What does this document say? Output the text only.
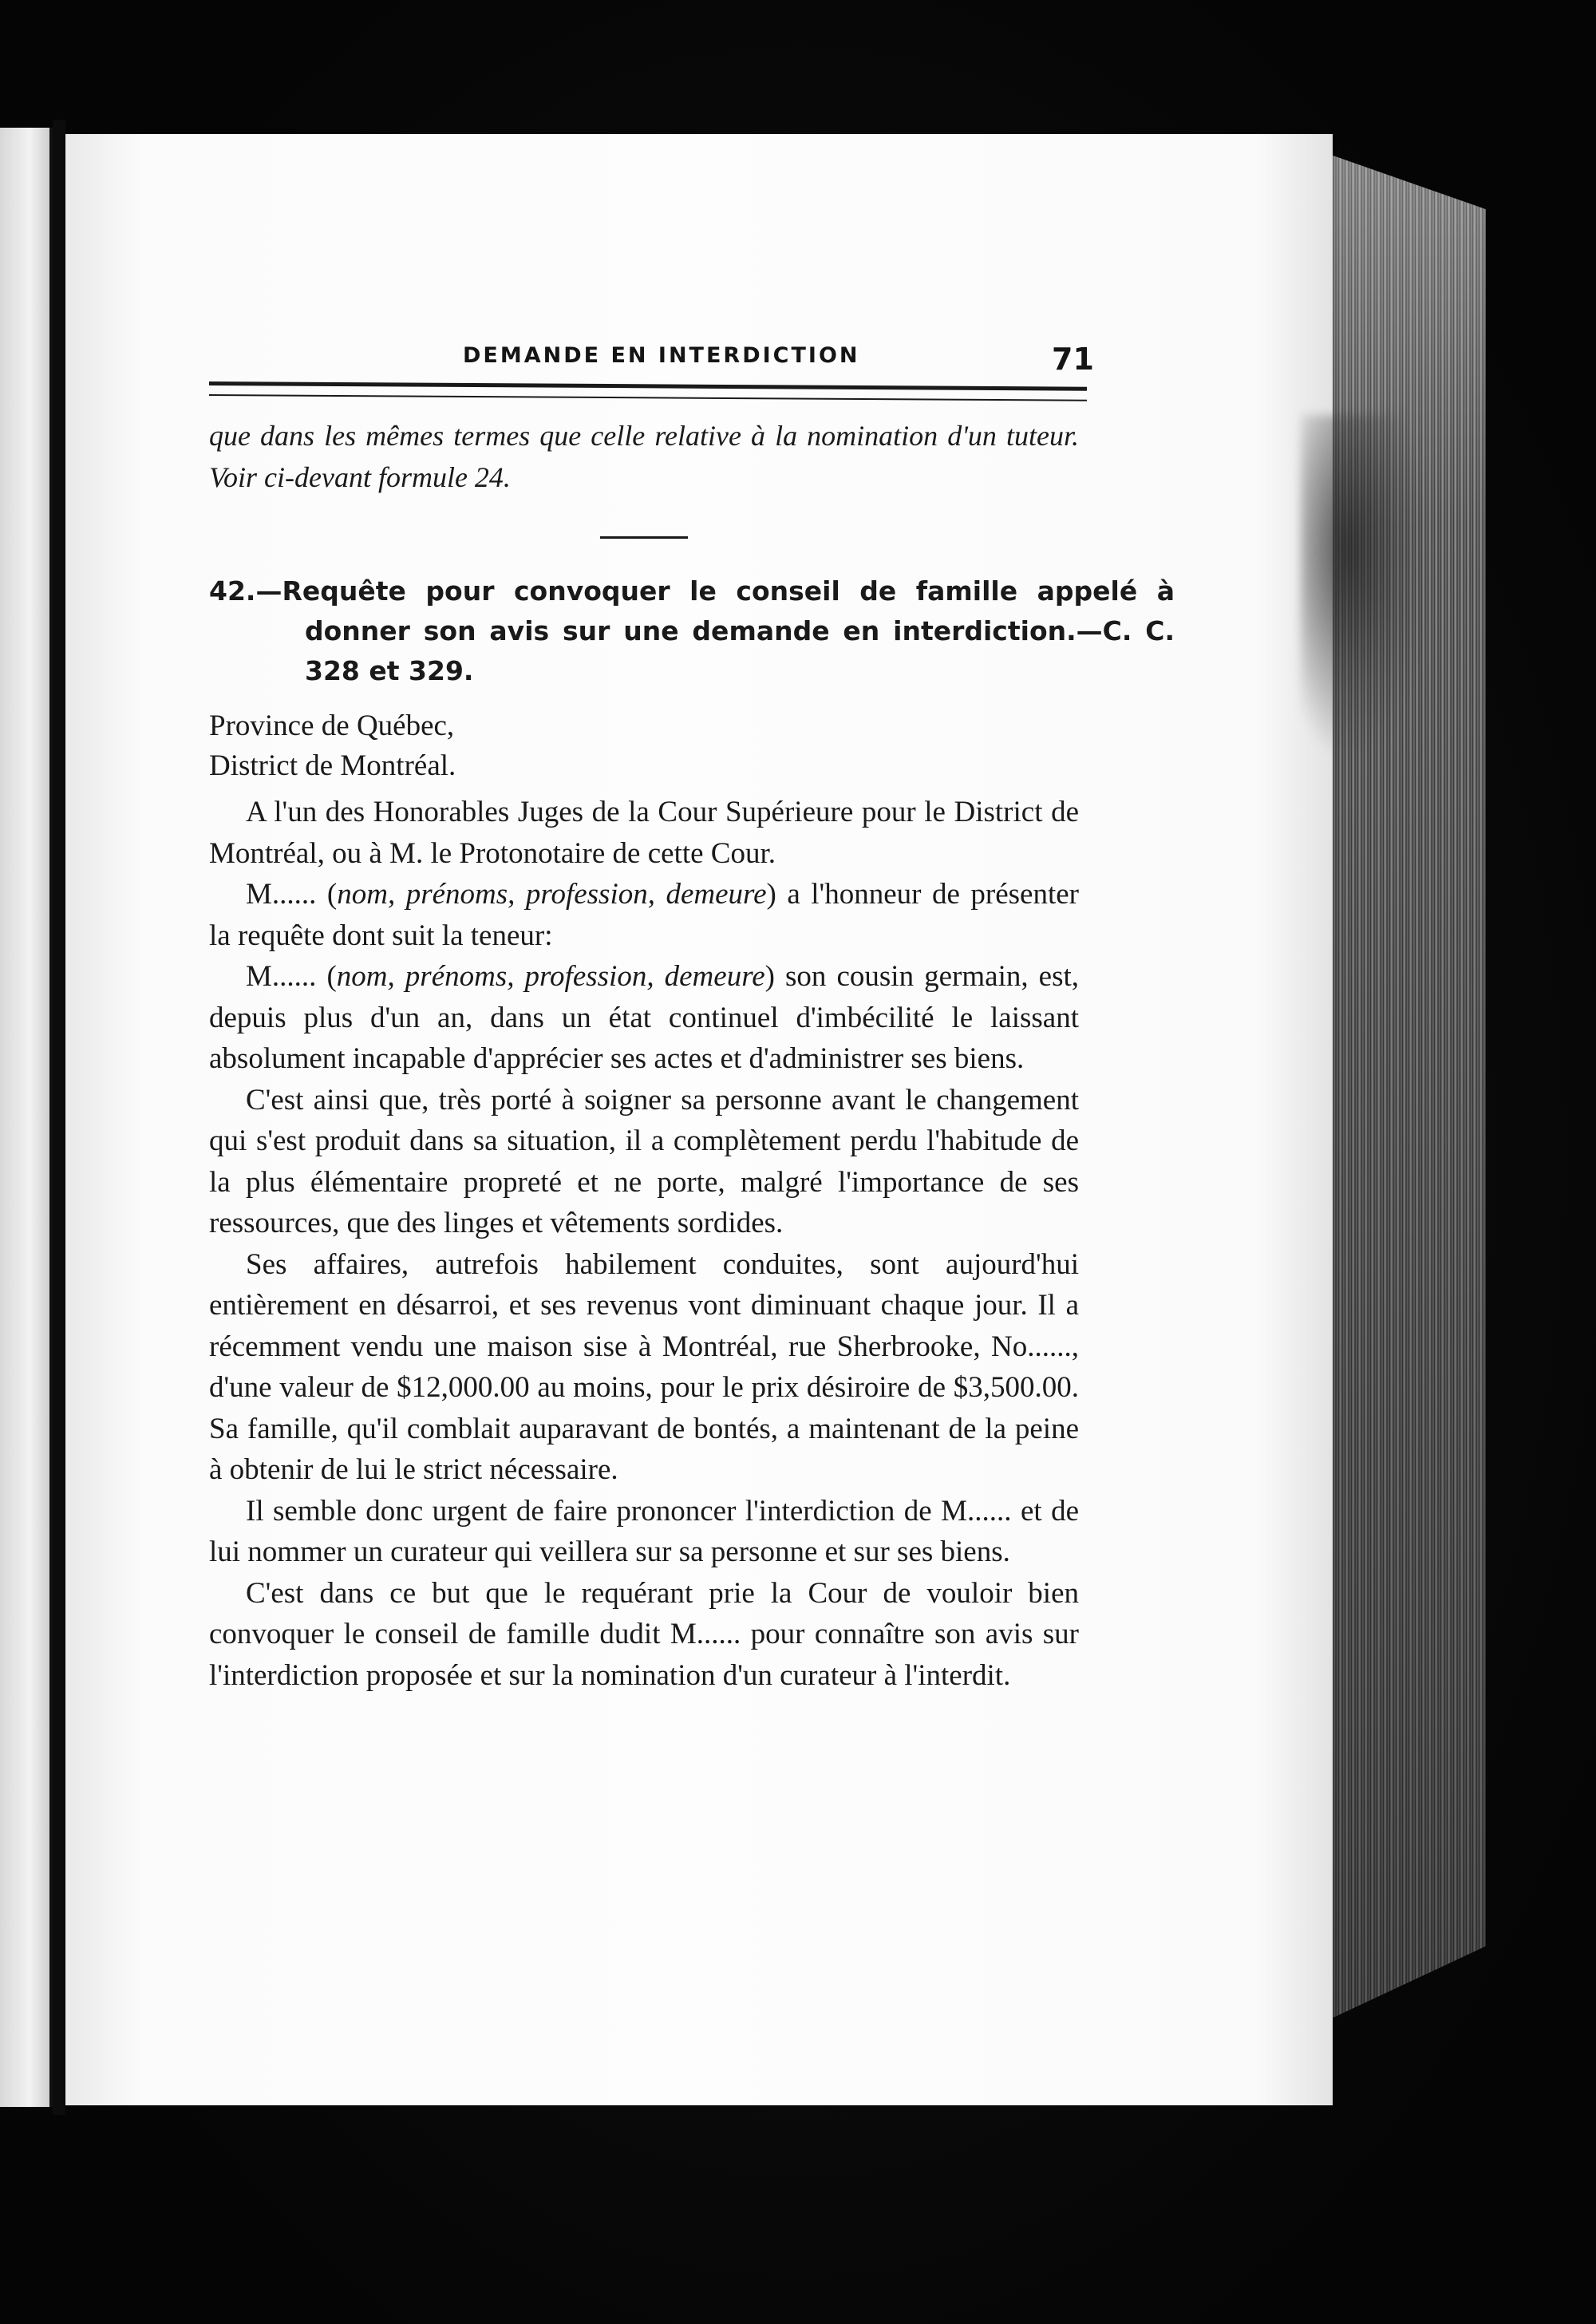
DEMANDE EN INTERDICTION	71
que dans les mêmes termes que celle relative à la nomination d'un tuteur. Voir ci-devant formule 24.
42.—Requête pour convoquer le conseil de famille appelé à donner son avis sur une demande en interdiction.—C. C. 328 et 329.
Province de Québec,
District de Montréal.

A l'un des Honorables Juges de la Cour Supérieure pour le District de Montréal, ou à M. le Protonotaire de cette Cour.

M...... (nom, prénoms, profession, demeure) a l'honneur de présenter la requête dont suit la teneur:

M...... (nom, prénoms, profession, demeure) son cousin germain, est, depuis plus d'un an, dans un état continuel d'imbécilité le laissant absolument incapable d'apprécier ses actes et d'administrer ses biens.

C'est ainsi que, très porté à soigner sa personne avant le changement qui s'est produit dans sa situation, il a complètement perdu l'habitude de la plus élémentaire propreté et ne porte, malgré l'importance de ses ressources, que des linges et vêtements sordides.

Ses affaires, autrefois habilement conduites, sont aujourd'hui entièrement en désarroi, et ses revenus vont diminuant chaque jour. Il a récemment vendu une maison sise à Montréal, rue Sherbrooke, No......, d'une valeur de $12,000.00 au moins, pour le prix désiroire de $3,500.00. Sa famille, qu'il comblait auparavant de bontés, a maintenant de la peine à obtenir de lui le strict nécessaire.

Il semble donc urgent de faire prononcer l'interdiction de M...... et de lui nommer un curateur qui veillera sur sa personne et sur ses biens.

C'est dans ce but que le requérant prie la Cour de vouloir bien convoquer le conseil de famille dudit M...... pour connaître son avis sur l'interdiction proposée et sur la nomination d'un curateur à l'interdit.
